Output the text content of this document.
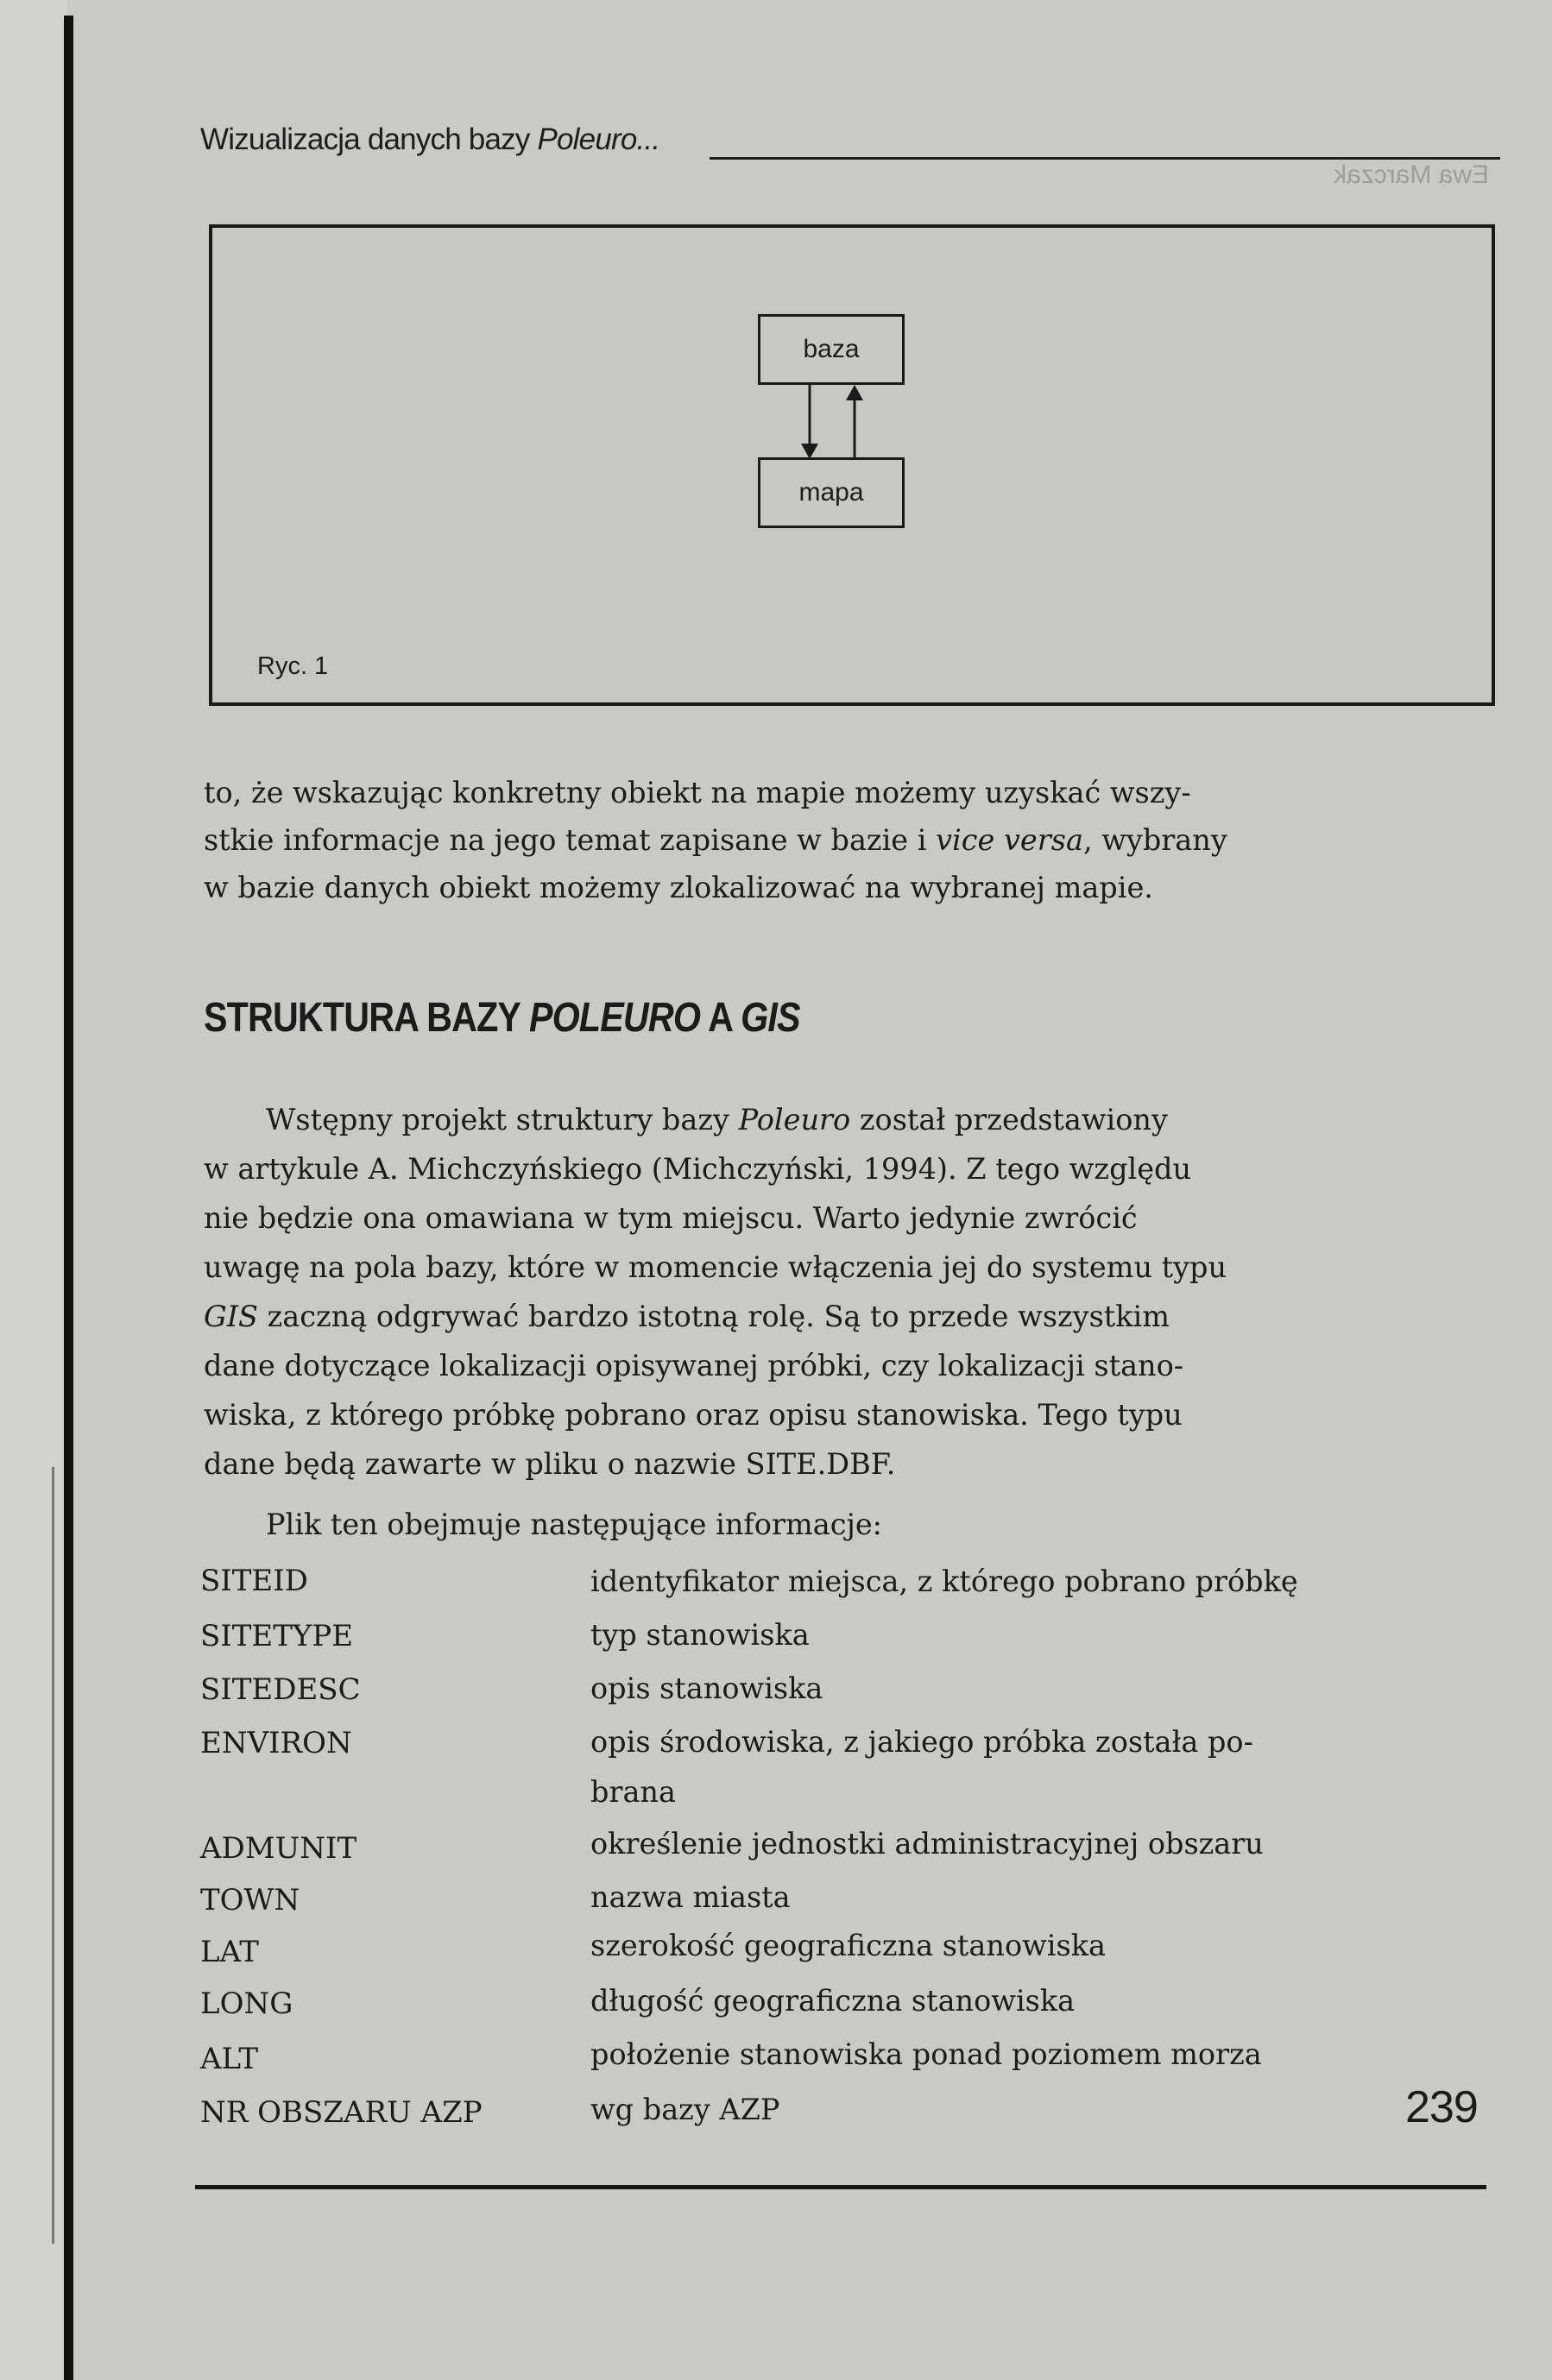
Wizualizacja danych bazy Poleuro...
Ewa Marczak
baza
mapa
Ryc. 1

to, że wskazując konkretny obiekt na mapie możemy uzyskać wszy-

stkie informacje na jego temat zapisane w bazie i vice versa, wybrany

w bazie danych obiekt możemy zlokalizować na wybranej mapie.

STRUKTURA BAZY POLEURO A GIS

Wstępny projekt struktury bazy Poleuro został przedstawiony

w artykule A. Michczyńskiego (Michczyński, 1994). Z tego względu

nie będzie ona omawiana w tym miejscu. Warto jedynie zwrócić

uwagę na pola bazy, które w momencie włączenia jej do systemu typu

GIS zaczną odgrywać bardzo istotną rolę. Są to przede wszystkim

dane dotyczące lokalizacji opisywanej próbki, czy lokalizacji stano-

wiska, z którego próbkę pobrano oraz opisu stanowiska. Tego typu

dane będą zawarte w pliku o nazwie SITE.DBF.

Plik ten obejmuje następujące informacje:

SITEID	identyfikator miejsca, z którego pobrano próbkę
SITETYPE	typ stanowiska
SITEDESC	opis stanowiska
ENVIRON	opis środowiska, z jakiego próbka została po-
brana
ADMUNIT	określenie jednostki administracyjnej obszaru
TOWN	nazwa miasta
LAT	szerokość geograficzna stanowiska
LONG	długość geograficzna stanowiska
ALT	położenie stanowiska ponad poziomem morza
NR OBSZARU AZP	wg bazy AZP	239
